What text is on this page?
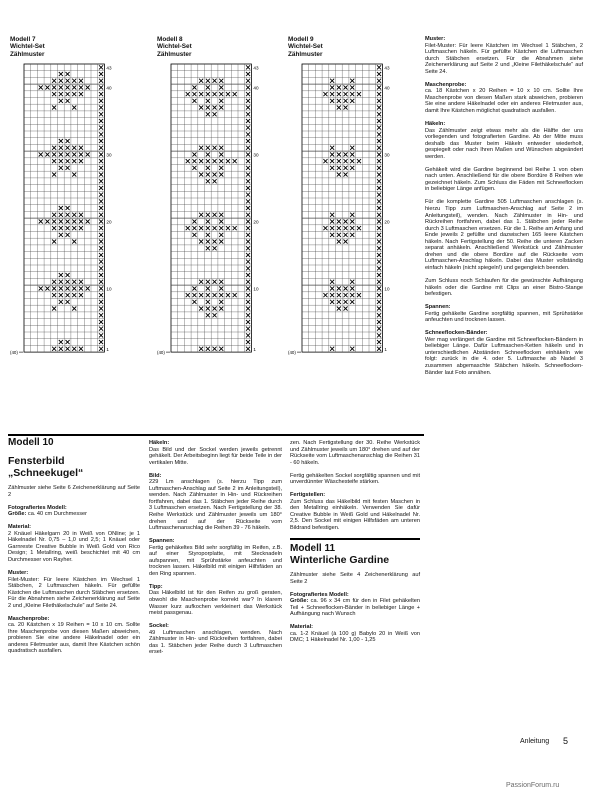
Modell 7
Wichtel-Set
Zählmuster
43
40
30
20
10
1
(40)
Modell 8
Wichtel-Set
Zählmuster
43
40
30
20
10
1
(40)
Modell 9
Wichtel-Set
Zählmuster
43
40
30
20
10
1
(40)

Modell 10

Fensterbild

„Schneekugel“

Zählmuster siehe Seite 6 Zeichenerklärung auf Seite 2

Fotografiertes Modell:

Größe: ca. 40 cm Durchmesser

Material:

2 Knäuel Häkelgarn 20 in Weiß von ONline; je 1 Häkelnadel Nr. 0,75 – 1,0 und 2,5; 1 Knäuel oder Garnreste Creative Bubble in Weiß Gold von Rico Design; 1 Metallring, weiß beschichtet mit 40 cm Durchmesser von Rayher.

Muster:

Filet-Muster: Für leere Kästchen im Wechsel 1 Stäbchen, 2 Luftmaschen häkeln. Für gefüllte Kästchen die Luftmaschen durch Stäbchen ersetzen. Für die Abnahmen siehe Zeichenerklärung auf Seite 2 und „Kleine Filethäkelschule“ auf Seite 24.

Maschenprobe:

ca. 20 Kästchen x 19 Reihen = 10 x 10 cm. Sollte Ihre Maschenprobe von diesen Maßen abweichen, probieren Sie eine andere Häkelnadel oder ein anderes Filetmuster aus, damit Ihre Kästchen schön quadratisch ausfallen.

Häkeln:

Das Bild und der Sockel werden jeweils getrennt gehäkelt. Der Arbeitsbeginn liegt für beide Teile in der vertikalen Mitte.

Bild:

229 Lm anschlagen (s. hierzu Tipp zum Luftmaschen-Anschlag auf Seite 2 im Anleitungsteil), wenden. Nach Zählmuster in Hin- und Rückreihen fortfahren, dabei das 1. Stäbchen jeder Reihe durch 3 Luftmaschen ersetzen. Nach Fertigstellung der 38. Reihe Werkstück und Zählmuster jeweils um 180° drehen und auf der Rückseite vom Luftmaschenanschlag die Reihen 39 - 76 häkeln.

Spannen:

Fertig gehäkeltes Bild sehr sorgfältig im Reifen, z.B. auf einer Styroporplatte, mit Stecknadeln aufspannen, mit Sprühstärke anfeuchten und trocknen lassen. Häkelbild mit einigen Hilfsfäden an den Ring spannen.

Tipp:

Das Häkelbild ist für den Reifen zu groß geraten, obwohl die Maschenprobe korrekt war? In klarem Wasser kurz aufkochen verkleinert das Werkstück meist passgenau.

Sockel:

49 Luftmaschen anschlagen, wenden. Nach Zählmuster in Hin- und Rückreihen fortfahren, dabei das 1. Stäbchen jeder Reihe durch 3 Luftmaschen erset-

zen. Nach Fertigstellung der 30. Reihe Werkstück und Zählmuster jeweils um 180° drehen und auf der Rückseite vom Luftmaschenanschlag die Reihen 31 - 60 häkeln.

Fertig gehäkelten Sockel sorgfältig spannen und mit unverdünnter Wäschesteife stärken.

Fertigstellen:

Zum Schluss das Häkelbild mit festen Maschen in den Metallring einhäkeln. Verwenden Sie dafür Creative Bubble in Weiß Gold und Häkelnadel Nr. 2,5. Den Sockel mit einigen Hilfsfäden am unteren Bildrand befestigen.

Modell 11

Winterliche Gardine

Zählmuster siehe Seite 4 Zeichenerklärung auf Seite 2

Fotografiertes Modell:

Größe: ca. 96 x 34 cm für den in Filet gehäkelten Teil + Schneeflocken-Bänder in beliebiger Länge + Aufhängung nach Wunsch

Material:

ca. 1-2 Knäuel (à 100 g) Babylo 20 in Weiß von DMC; 1 Häkelnadel Nr. 1,00 - 1,25

Muster:

Filet-Muster: Für leere Kästchen im Wechsel 1 Stäbchen, 2 Luftmaschen häkeln. Für gefüllte Kästchen die Luftmaschen durch Stäbchen ersetzen. Für die Abnahmen siehe Zeichenerklärung auf Seite 2 und „Kleine Filethäkelschule“ auf Seite 24.

Maschenprobe:

ca. 18 Kästchen x 20 Reihen = 10 x 10 cm. Sollte Ihre Maschenprobe von diesen Maßen stark abweichen, probieren Sie eine andere Häkelnadel oder ein anderes Filetmuster aus, damit Ihre Kästchen möglichst quadratisch ausfallen.

Häkeln:

Das Zählmuster zeigt etwas mehr als die Hälfte der uns vorliegenden und fotografierten Gardine. Ab der Mitte muss deshalb das Muster beim Häkeln entweder wiederholt, gespiegelt oder nach Ihren Maßen und Wünschen abgeändert werden.

Gehäkelt wird die Gardine beginnend bei Reihe 1 von oben nach unten. Anschließend für die obere Bordüre 8 Reihen wie gezeichnet häkeln. Zum Schluss die Fäden mit Schneeflocken in beliebiger Länge anfügen.

Für die komplette Gardine 505 Luftmaschen anschlagen (s. hierzu Tipp zum Luftmaschen-Anschlag auf Seite 2 im Anleitungsteil), wenden. Nach Zählmuster in Hin- und Rückreihen fortfahren, dabei das 1. Stäbchen jeder Reihe durch 3 Luftmaschen ersetzen. Für die 1. Reihe am Anfang und Ende jeweils 2 gefüllte und dazwischen 165 leere Kästchen häkeln. Nach Fertigstellung der 50. Reihe die unteren Zacken separat anhäkeln. Anschließend Werkstück und Zählmuster drehen und die obere Bordüre auf die Rückseite vom Luftmaschen-Anschlag häkeln. Dabei das Muster vollständig einfach häkeln (nicht spiegeln!) und gegengleich beenden.

Zum Schluss noch Schlaufen für die gewünschte Aufhängung häkeln oder die Gardine mit Clips an einer Bistro-Stange befestigen.

Spannen:

Fertig gehäkelte Gardine sorgfältig spannen, mit Sprühstärke anfeuchten und trocknen lassen.

Schneeflocken-Bänder:

Wer mag verlängert die Gardine mit Schneeflocken-Bändern in beliebiger Länge. Dafür Luftmaschen-Ketten häkeln und in unterschiedlichen Abständen Schneeflocken einhäkeln wie folgt: zurück in die 4. oder 5. Luftmasche ab Nadel 3 zusammen abgemaschte Stäbchen häkeln. Schneeflocken-Bänder laut Foto annähen.

Anleitung 5
PassionForum.ru
